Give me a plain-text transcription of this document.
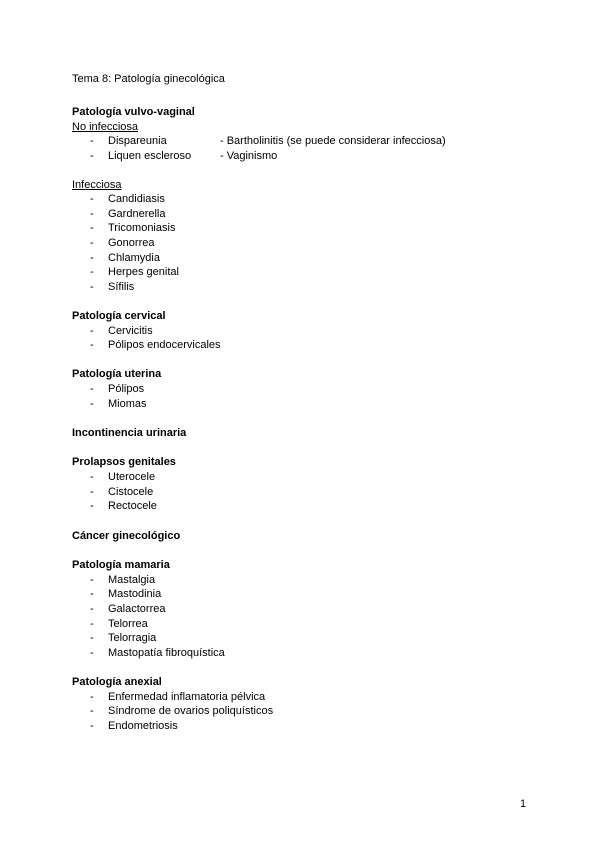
Tema 8: Patología ginecológica
Patología vulvo-vaginal
No infecciosa
- Dispareunia	- Bartholinitis (se puede considerar infecciosa)
- Liquen escleroso	- Vaginismo
Infecciosa
- Candidiasis
- Gardnerella
- Tricomoniasis
- Gonorrea
- Chlamydia
- Herpes genital
- Sífilis
Patología cervical
- Cervicitis
- Pólipos endocervicales
Patología uterina
- Pólipos
- Miomas
Incontinencia urinaria
Prolapsos genitales
- Uterocele
- Cistocele
- Rectocele
Cáncer ginecológico
Patología mamaria
- Mastalgia
- Mastodinia
- Galactorrea
- Telorrea
- Telorragia
- Mastopatía fibroquística
Patología anexial
- Enfermedad inflamatoria pélvica
- Síndrome de ovarios poliquísticos
- Endometriosis
1
